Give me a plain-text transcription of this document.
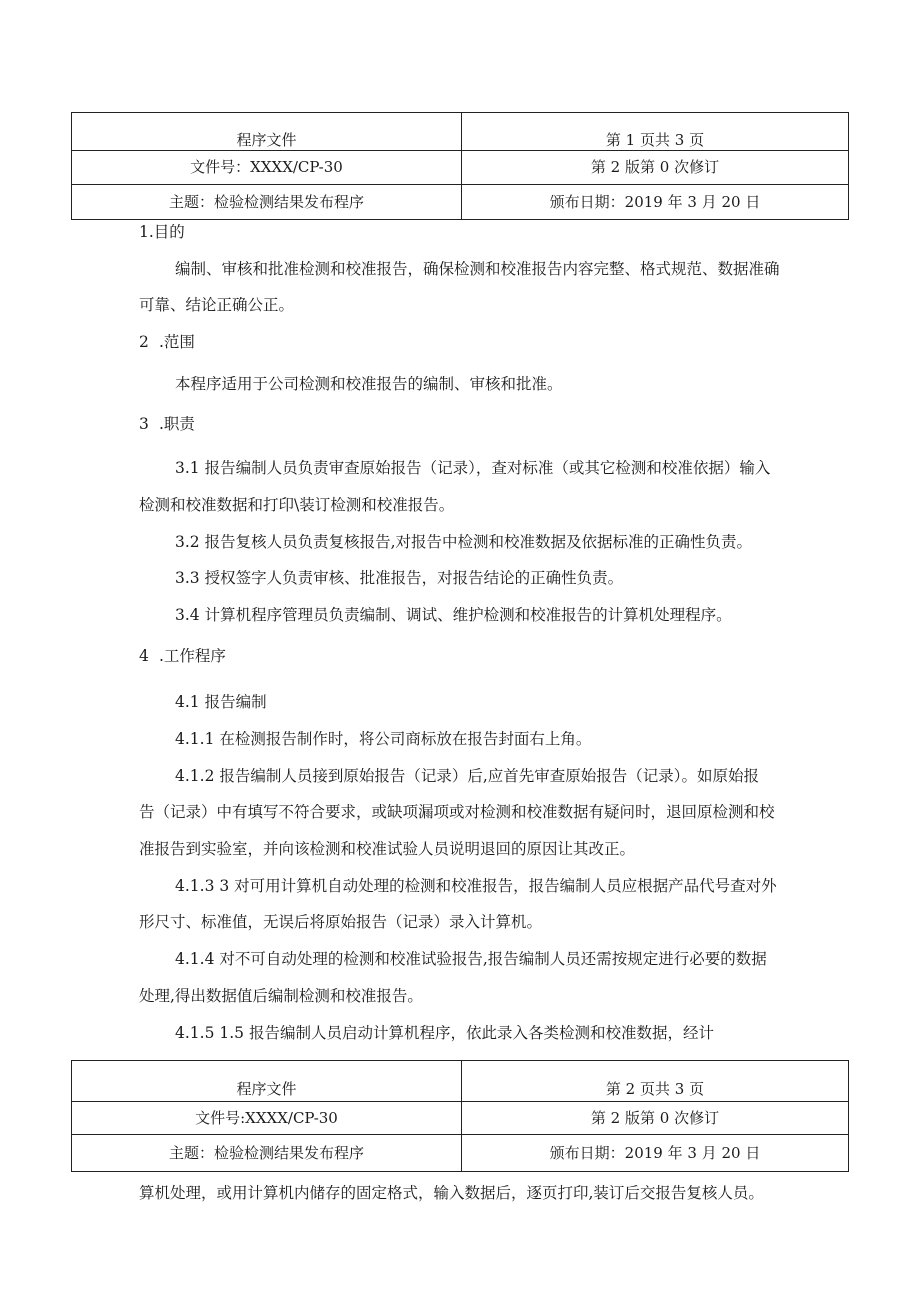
程序文件	第 1 页共 3 页
文件号：XXXX/CP-30	第 2 版第 0 次修订
主题：检验检测结果发布程序	颁布日期：2019 年 3 月 20 日
1.目的
编制、审核和批准检测和校准报告，确保检测和校准报告内容完整、格式规范、数据准确
可靠、结论正确公正。
2 .范围
本程序适用于公司检测和校准报告的编制、审核和批准。
3 .职责
3.1 报告编制人员负责审查原始报告（记录），查对标准（或其它检测和校准依据）输入
检测和校准数据和打印\装订检测和校准报告。
3.2 报告复核人员负责复核报告,对报告中检测和校准数据及依据标准的正确性负责。
3.3 授权签字人负责审核、批准报告，对报告结论的正确性负责。
3.4 计算机程序管理员负责编制、调试、维护检测和校准报告的计算机处理程序。
4 .工作程序
4.1 报告编制
4.1.1 在检测报告制作时，将公司商标放在报告封面右上角。
4.1.2 报告编制人员接到原始报告（记录）后,应首先审查原始报告（记录）。如原始报
告（记录）中有填写不符合要求，或缺项漏项或对检测和校准数据有疑问时，退回原检测和校
准报告到实验室，并向该检测和校准试验人员说明退回的原因让其改正。
4.1.3 3 对可用计算机自动处理的检测和校准报告，报告编制人员应根据产品代号查对外
形尺寸、标准值，无误后将原始报告（记录）录入计算机。
4.1.4 对不可自动处理的检测和校准试验报告,报告编制人员还需按规定进行必要的数据
处理,得出数据值后编制检测和校准报告。
4.1.5 1.5 报告编制人员启动计算机程序，依此录入各类检测和校准数据，经计
程序文件	第 2 页共 3 页
文件号:XXXX/CP-30	第 2 版第 0 次修订
主题：检验检测结果发布程序	颁布日期：2019 年 3 月 20 日
算机处理，或用计算机内储存的固定格式，输入数据后，逐页打印,装订后交报告复核人员。
